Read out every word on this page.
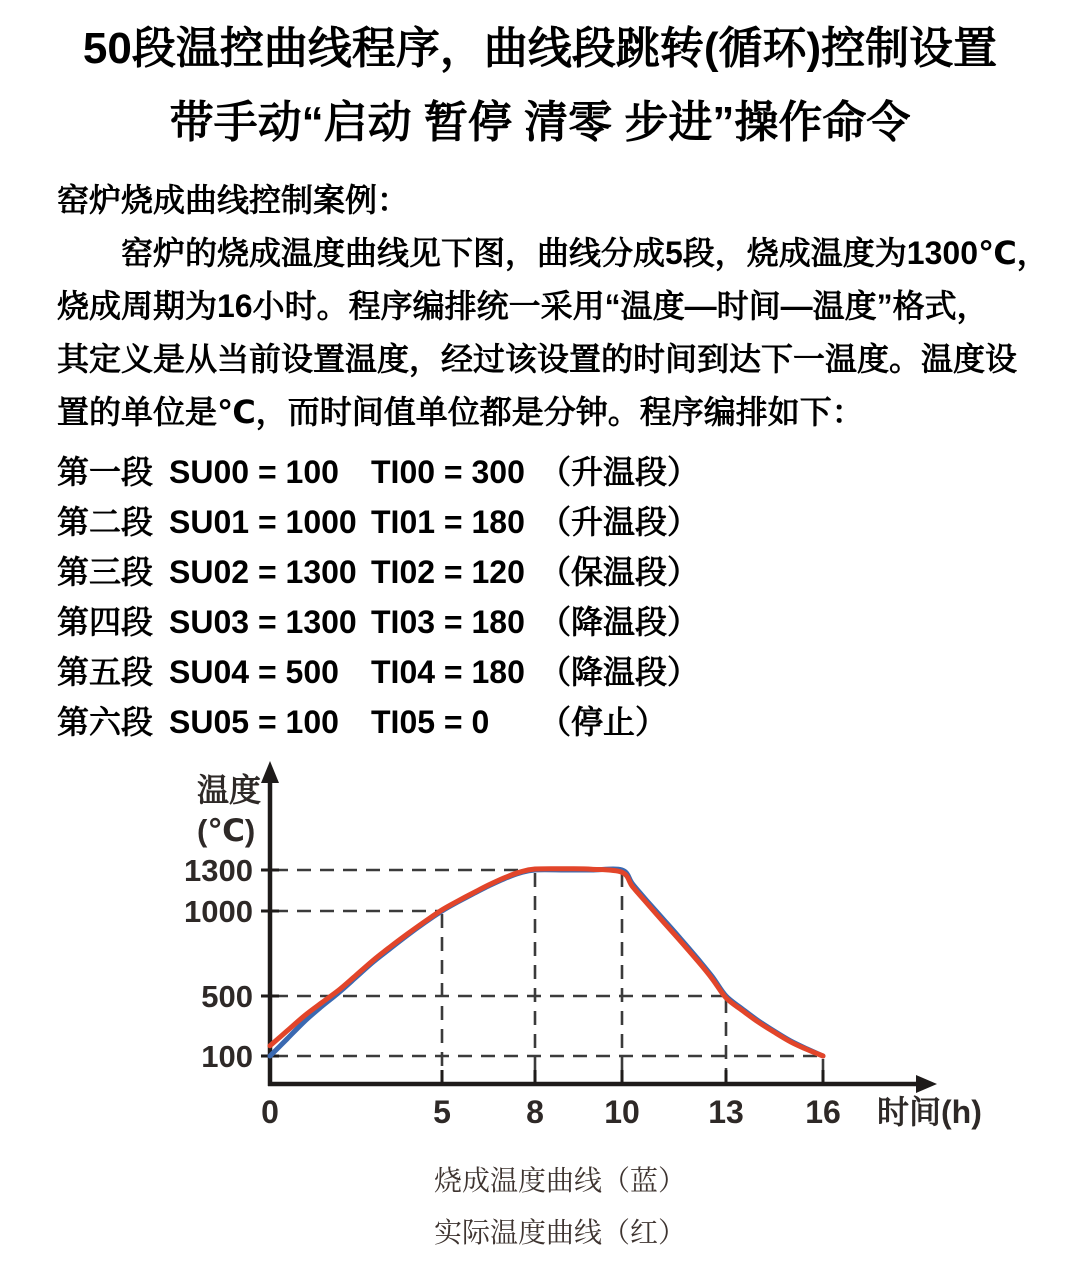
50段温控曲线程序，曲线段跳转(循环)控制设置
带手动“启动 暂停 清零 步进”操作命令
窑炉烧成曲线控制案例：
窑炉的烧成温度曲线见下图，曲线分成5段，烧成温度为1300℃，
烧成周期为16小时。程序编排统一采用“温度—时间—温度”格式，
其定义是从当前设置温度，经过该设置的时间到达下一温度。温度设
置的单位是℃，而时间值单位都是分钟。程序编排如下：
第一段 SU00 = 100	TI00 = 300 （升温段）
第二段 SU01 = 1000 TI01 = 180 （升温段）
第三段 SU02 = 1300 TI02 = 120 （保温段）
第四段 SU03 = 1300 TI03 = 180 （降温段）
第五段 SU04 = 500	TI04 = 180 （降温段）
第六段 SU05 = 100	TI05 = 0	（停止）
1300
1000
500
100
0	5 8 10 13 16
温度
(℃)
时间(h)
烧成温度曲线（蓝）
实际温度曲线（红）
